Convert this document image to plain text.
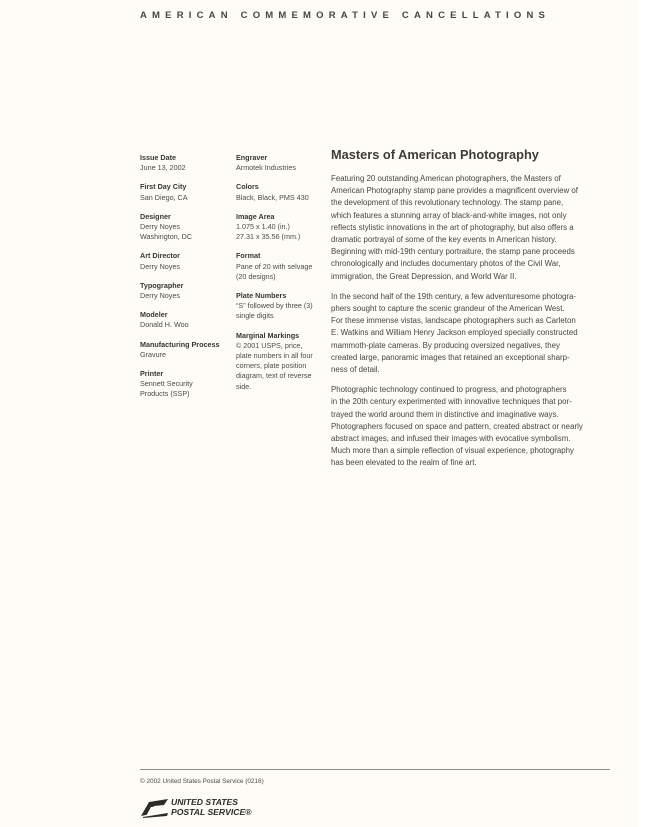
AMERICAN COMMEMORATIVE CANCELLATIONS
Issue Date
June 13, 2002
First Day City
San Diego, CA
Designer
Derry Noyes
Washington, DC
Art Director
Derry Noyes
Typographer
Derry Noyes
Modeler
Donald H. Woo
Manufacturing Process
Gravure
Printer
Sennett Security
Products (SSP)
Engraver
Armotek Industries
Colors
Black, Black, PMS 430
Image Area
1.075 x 1.40 (in.)
27.31 x 35.56 (mm.)
Format
Pane of 20 with selvage
(20 designs)
Plate Numbers
“S” followed by three (3)
single digits
Marginal Markings
© 2001 USPS, price,
plate numbers in all four
corners, plate position
diagram, text of reverse
side.
Masters of American Photography
Featuring 20 outstanding American photographers, the Masters of
American Photography stamp pane provides a magnificent overview of
the development of this revolutionary technology. The stamp pane,
which features a stunning array of black-and-white images, not only
reflects stylistic innovations in the art of photography, but also offers a
dramatic portrayal of some of the key events in American history.
Beginning with mid-19th century portraiture, the stamp pane proceeds
chronologically and includes documentary photos of the Civil War,
immigration, the Great Depression, and World War II.
In the second half of the 19th century, a few adventuresome photogra-
phers sought to capture the scenic grandeur of the American West.
For these immense vistas, landscape photographers such as Carleton
E. Watkins and William Henry Jackson employed specially constructed
mammoth-plate cameras. By producing oversized negatives, they
created large, panoramic images that retained an exceptional sharp-
ness of detail.
Photographic technology continued to progress, and photographers
in the 20th century experimented with innovative techniques that por-
trayed the world around them in distinctive and imaginative ways.
Photographers focused on space and pattern, created abstract or nearly
abstract images, and infused their images with evocative symbolism.
Much more than a simple reflection of visual experience, photography
has been elevated to the realm of fine art.
© 2002 United States Postal Service (0216)
UNITED STATES
POSTAL SERVICE®
